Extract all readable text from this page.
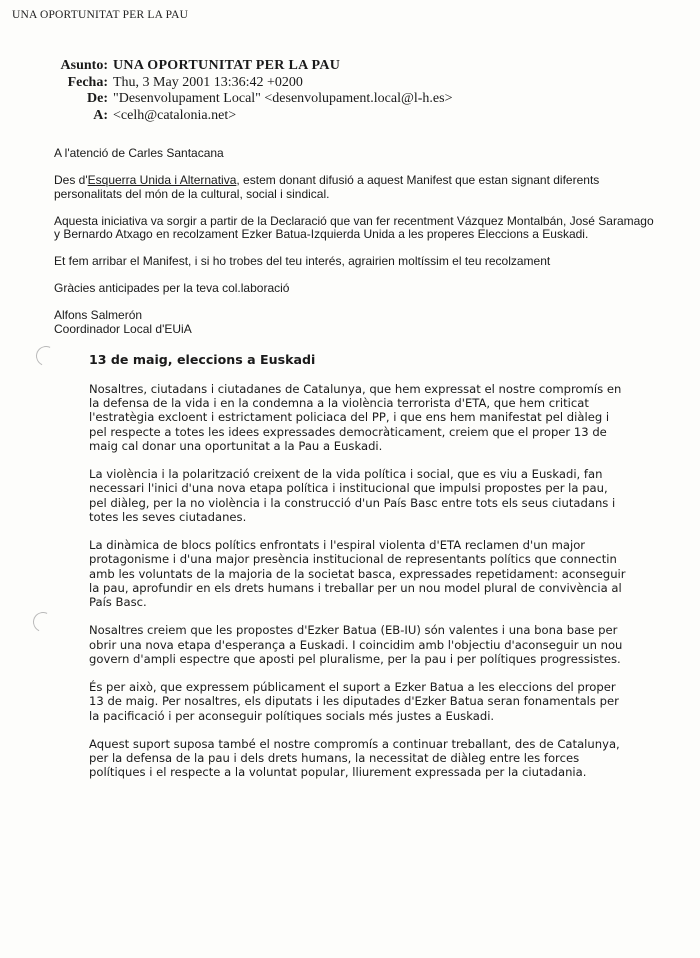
UNA OPORTUNITAT PER LA PAU
Asunto: UNA OPORTUNITAT PER LA PAU
Fecha: Thu, 3 May 2001 13:36:42 +0200
De: "Desenvolupament Local" <desenvolupament.local@l-h.es>
A: <celh@catalonia.net>

A l'atenció de Carles Santacana

Des d'Esquerra Unida i Alternativa, estem donant difusió a aquest Manifest que estan signant diferents personalitats del món de la cultural, social i sindical.

Aquesta iniciativa va sorgir a partir de la Declaració que van fer recentment Vázquez Montalbán, José Saramago y Bernardo Atxago en recolzament Ezker Batua-Izquierda Unida a les properes Eleccions a Euskadi.

Et fem arribar el Manifest, i si ho trobes del teu interés, agrairien moltíssim el teu recolzament

Gràcies anticipades per la teva col.laboració

Alfons Salmerón

Coordinador Local d'EUiA

13 de maig, eleccions a Euskadi

Nosaltres, ciutadans i ciutadanes de Catalunya, que hem expressat el nostre compromís en la defensa de la vida i en la condemna a la violència terrorista d'ETA, que hem criticat l'estratègia excloent i estrictament policiaca del PP, i que ens hem manifestat pel diàleg i pel respecte a totes les idees expressades democràticament, creiem que el proper 13 de maig cal donar una oportunitat a la Pau a Euskadi.

La violència i la polarització creixent de la vida política i social, que es viu a Euskadi, fan necessari l'inici d'una nova etapa política i institucional que impulsi propostes per la pau, pel diàleg, per la no violència i la construcció d'un País Basc entre tots els seus ciutadans i totes les seves ciutadanes.

La dinàmica de blocs polítics enfrontats i l'espiral violenta d'ETA reclamen d'un major protagonisme i d'una major presència institucional de representants polítics que connectin amb les voluntats de la majoria de la societat basca, expressades repetidament: aconseguir la pau, aprofundir en els drets humans i treballar per un nou model plural de convivència al País Basc.

Nosaltres creiem que les propostes d'Ezker Batua (EB-IU) són valentes i una bona base per obrir una nova etapa d'esperança a Euskadi. I coincidim amb l'objectiu d'aconseguir un nou govern d'ampli espectre que aposti pel pluralisme, per la pau i per polítiques progressistes.

És per això, que expressem públicament el suport a Ezker Batua a les eleccions del proper 13 de maig. Per nosaltres, els diputats i les diputades d'Ezker Batua seran fonamentals per la pacificació i per aconseguir polítiques socials més justes a Euskadi.

Aquest suport suposa també el nostre compromís a continuar treballant, des de Catalunya, per la defensa de la pau i dels drets humans, la necessitat de diàleg entre les forces polítiques i el respecte a la voluntat popular, lliurement expressada per la ciutadania.
